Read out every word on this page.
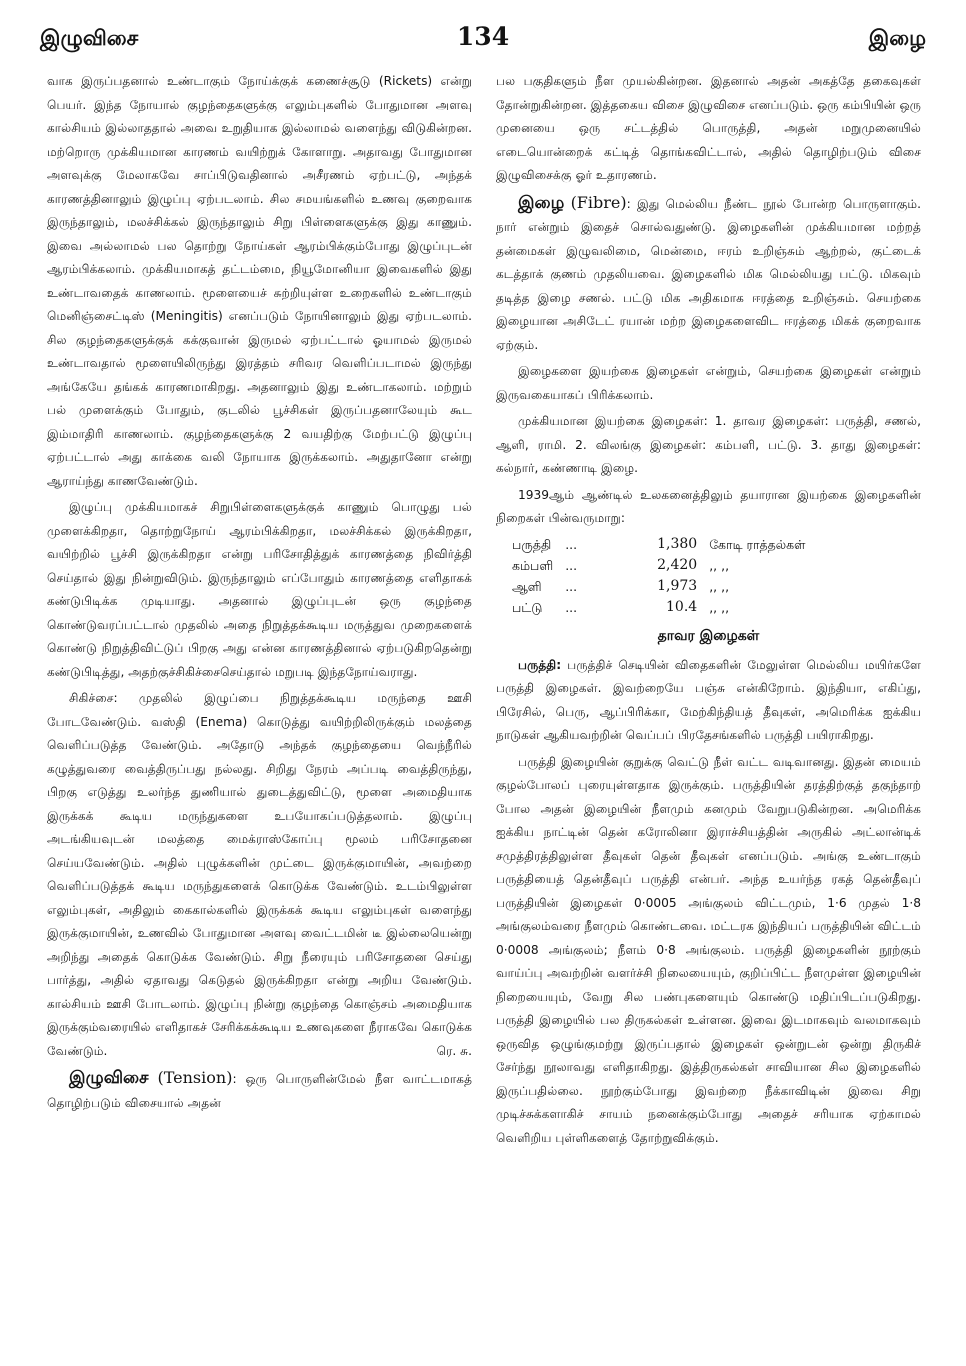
இழுவிசை	134	இழை

வாக இருப்பதனால் உண்டாகும் நோய்க்குக் கணைச்சூடு (Rickets) என்று பெயர். இந்த நோயால் குழந்தைகளுக்கு எலும்புகளில் போதுமான அளவு கால்சியம் இல்லாததால் அவை உறுதியாக இல்லாமல் வளைந்து விடுகின்றன. மற்றொரு முக்கியமான காரணம் வயிற்றுக் கோளாறு. அதாவது போதுமான அளவுக்கு மேலாகவே சாப்பிடுவதினால் அசீரணம் ஏற்பட்டு, அந்தக் காரணத்தினாலும் இழுப்பு ஏற்படலாம். சில சமயங்களில் உணவு குறைவாக இருந்தாலும், மலச்சிக்கல் இருந்தாலும் சிறு பிள்ளைகளுக்கு இது காணும். இவை அல்லாமல் பல தொற்று நோய்கள் ஆரம்பிக்கும்போது இழுப்புடன் ஆரம்பிக்கலாம். முக்கியமாகத் தட்டம்மை, நியூமோனியா இவைகளில் இது உண்டாவதைக் காணலாம். மூளையைச் சுற்றியுள்ள உறைகளில் உண்டாகும் மெனிஞ்சைட்டிஸ் (Meningitis) எனப்படும் நோயினாலும் இது ஏற்படலாம். சில குழந்தைகளுக்குக் கக்குவான் இருமல் ஏற்பட்டால் ஓயாமல் இருமல் உண்டாவதால் மூளையிலிருந்து இரத்தம் சரிவர வெளிப்படாமல் இருந்து அங்கேயே தங்கக் காரணமாகிறது. அதனாலும் இது உண்டாகலாம். மற்றும் பல் முளைக்கும் போதும், குடலில் பூச்சிகள் இருப்பதனாலேயும் கூட இம்மாதிரி காணலாம். குழந்தைகளுக்கு 2 வயதிற்கு மேற்பட்டு இழுப்பு ஏற்பட்டால் அது காக்கை வலி நோயாக இருக்கலாம். அதுதானோ என்று ஆராய்ந்து காணவேண்டும்.

இழுப்பு முக்கியமாகச் சிறுபிள்ளைகளுக்குக் காணும் பொழுது பல் முளைக்கிறதா, தொற்றுநோய் ஆரம்பிக்கிறதா, மலச்சிக்கல் இருக்கிறதா, வயிற்றில் பூச்சி இருக்கிறதா என்று பரிசோதித்துக் காரணத்தை நிவிர்த்தி செய்தால் இது நின்றுவிடும். இருந்தாலும் எப்போதும் காரணத்தை எளிதாகக் கண்டுபிடிக்க முடியாது. அதனால் இழுப்புடன் ஒரு குழந்தை கொண்டுவரப்பட்டால் முதலில் அதை நிறுத்தக்கூடிய மருத்துவ முறைகளைக் கொண்டு நிறுத்திவிட்டுப் பிறகு அது என்ன காரணத்தினால் ஏற்படுகிறதென்று கண்டுபிடித்து, அதற்குச்சிகிச்சைசெய்தால் மறுபடி இந்தநோய்வராது.

சிகிச்சை: முதலில் இழுப்பை நிறுத்தக்கூடிய மருந்தை ஊசி போடவேண்டும். வஸ்தி (Enema) கொடுத்து வயிற்றிலிருக்கும் மலத்தை வெளிப்படுத்த வேண்டும். அதோடு அந்தக் குழந்தையை வெந்நீரில் கழுத்துவரை வைத்திருப்பது நல்லது. சிறிது நேரம் அப்படி வைத்திருந்து, பிறகு எடுத்து உலர்ந்த துணியால் துடைத்துவிட்டு, மூளை அமைதியாக இருக்கக் கூடிய மருந்துகளை உபயோகப்படுத்தலாம். இழுப்பு அடங்கியவுடன் மலத்தை மைக்ராஸ்கோப்பு மூலம் பரிசோதனை செய்யவேண்டும். அதில் புழுக்களின் முட்டை இருக்குமாயின், அவற்றை வெளிப்படுத்தக் கூடிய மருந்துகளைக் கொடுக்க வேண்டும். உடம்பிலுள்ள எலும்புகள், அதிலும் கைகால்களில் இருக்கக் கூடிய எலும்புகள் வளைந்து இருக்குமாயின், உணவில் போதுமான அளவு வைட்டமின் டீ இல்லையென்று அறிந்து அதைக் கொடுக்க வேண்டும். சிறு நீரையும் பரிசோதனை செய்து பார்த்து, அதில் ஏதாவது கெடுதல் இருக்கிறதா என்று அறிய வேண்டும். கால்சியம் ஊசி போடலாம். இழுப்பு நின்று குழந்தை கொஞ்சம் அமைதியாக இருக்கும்வரையில் எளிதாகச் சேரிக்கக்கூடிய உணவுகளை நீராகவே கொடுக்க வேண்டும்.	ரெ. சு.

இழுவிசை (Tension): ஒரு பொருளின்மேல் நீள வாட்டமாகத் தொழிற்படும் விசையால் அதன்

பல பகுதிகளும் நீள முயல்கின்றன. இதனால் அதன் அகத்தே தகைவுகள் தோன்றுகின்றன. இத்தகைய விசை இழுவிசை எனப்படும். ஒரு கம்பியின் ஒரு முனையை ஒரு சட்டத்தில் பொருத்தி, அதன் மறுமுனையில் எடையொன்றைக் கட்டித் தொங்கவிட்டால், அதில் தொழிற்படும் விசை இழுவிசைக்கு ஓர் உதாரணம்.

இழை (Fibre): இது மெல்லிய நீண்ட நூல் போன்ற பொருளாகும். நார் என்றும் இதைச் சொல்வதுண்டு. இழைகளின் முக்கியமான மற்றத் தன்மைகள் இழுவலிமை, மென்மை, ஈரம் உறிஞ்சும் ஆற்றல், குட்டைக் கடத்தாக் குணம் முதலியவை. இழைகளில் மிக மெல்லியது பட்டு. மிகவும் தடித்த இழை சணல். பட்டு மிக அதிகமாக ஈரத்தை உறிஞ்சும். செயற்கை இழையான அசிடேட் ரயான் மற்ற இழைகளைவிட ஈரத்தை மிகக் குறைவாக ஏற்கும்.

இழைகளை இயற்கை இழைகள் என்றும், செயற்கை இழைகள் என்றும் இருவகையாகப் பிரிக்கலாம்.

முக்கியமான இயற்கை இழைகள்: 1. தாவர இழைகள்: பருத்தி, சணல், ஆளி, ராமி. 2. விலங்கு இழைகள்: கம்பளி, பட்டு. 3. தாது இழைகள்: கல்நார், கண்ணாடி இழை.

1939ஆம் ஆண்டில் உலகனைத்திலும் தயாரான இயற்கை இழைகளின் நிறைகள் பின்வருமாறு:

பருத்தி	...	1,380	கோடி ராத்தல்கள்
கம்பளி	...	2,420	,, ,,
ஆளி	...	1,973	,, ,,
பட்டு	...	10.4	,, ,,
தாவர இழைகள்

பருத்தி: பருத்திச் செடியின் விதைகளின் மேலுள்ள மெல்லிய மயிர்களே பருத்தி இழைகள். இவற்றையே பஞ்சு என்கிறோம். இந்தியா, எகிப்து, பிரேசில், பெரு, ஆப்பிரிக்கா, மேற்கிந்தியத் தீவுகள், அமெரிக்க ஐக்கிய நாடுகள் ஆகியவற்றின் வெப்பப் பிரதேசங்களில் பருத்தி பயிராகிறது.

பருத்தி இழையின் குறுக்கு வெட்டு நீள் வட்ட வடிவானது. இதன் மையம் குழல்போலப் புரையுள்ளதாக இருக்கும். பருத்தியின் தரத்திற்குத் தகுந்தாற் போல அதன் இழையின் நீளமும் கனமும் வேறுபடுகின்றன. அமெரிக்க ஐக்கிய நாட்டின் தென் கரோலினா இராச்சியத்தின் அருகில் அட்லான்டிக் சமுத்திரத்திலுள்ள தீவுகள் தென் தீவுகள் எனப்படும். அங்கு உண்டாகும் பருத்தியைத் தென்தீவுப் பருத்தி என்பர். அந்த உயர்ந்த ரகத் தென்தீவுப் பருத்தியின் இழைகள் 0·0005 அங்குலம் விட்டமும், 1·6 முதல் 1·8 அங்குலம்வரை நீளமும் கொண்டவை. மட்டரக இந்தியப் பருத்தியின் விட்டம் 0·0008 அங்குலம்; நீளம் 0·8 அங்குலம். பருத்தி இழைகளின் நூற்கும் வாய்ப்பு அவற்றின் வளர்ச்சி நிலையையும், குறிப்பிட்ட நீளமுள்ள இழையின் நிறையையும், வேறு சில பண்புகளையும் கொண்டு மதிப்பிடப்படுகிறது. பருத்தி இழையில் பல திருகல்கள் உள்ளன. இவை இடமாகவும் வலமாகவும் ஒருவித ஒழுங்குமற்று இருப்பதால் இழைகள் ஒன்றுடன் ஒன்று திருகிச் சேர்ந்து நூலாவது எளிதாகிறது. இத்திருகல்கள் சாவியான சில இழைகளில் இருப்பதில்லை. நூற்கும்போது இவற்றை நீக்காவிடின் இவை சிறு முடிச்சுக்களாகிச் சாயம் நனைக்கும்போது அதைச் சரியாக ஏற்காமல் வெளிறிய புள்ளிகளைத் தோற்றுவிக்கும்.
